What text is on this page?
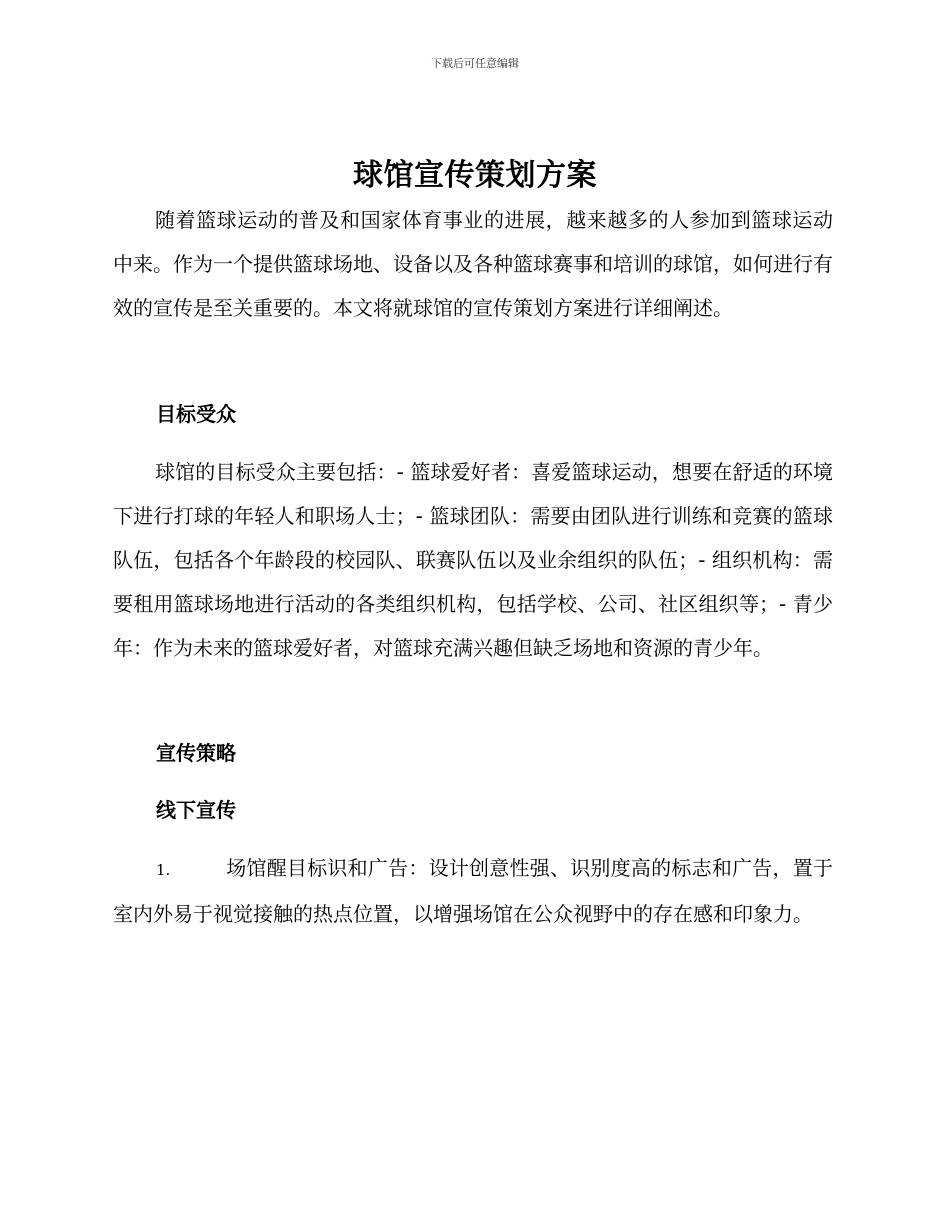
下载后可任意编辑
球馆宣传策划方案

随着篮球运动的普及和国家体育事业的进展，越来越多的人参加到篮球运动中来。作为一个提供篮球场地、设备以及各种篮球赛事和培训的球馆，如何进行有效的宣传是至关重要的。本文将就球馆的宣传策划方案进行详细阐述。

目标受众

球馆的目标受众主要包括：- 篮球爱好者：喜爱篮球运动，想要在舒适的环境下进行打球的年轻人和职场人士；- 篮球团队：需要由团队进行训练和竞赛的篮球队伍，包括各个年龄段的校园队、联赛队伍以及业余组织的队伍；- 组织机构：需要租用篮球场地进行活动的各类组织机构，包括学校、公司、社区组织等；- 青少年：作为未来的篮球爱好者，对篮球充满兴趣但缺乏场地和资源的青少年。

宣传策略
线下宣传

1.	场馆醒目标识和广告：设计创意性强、识别度高的标志和广告，置于室内外易于视觉接触的热点位置，以增强场馆在公众视野中的存在感和印象力。
